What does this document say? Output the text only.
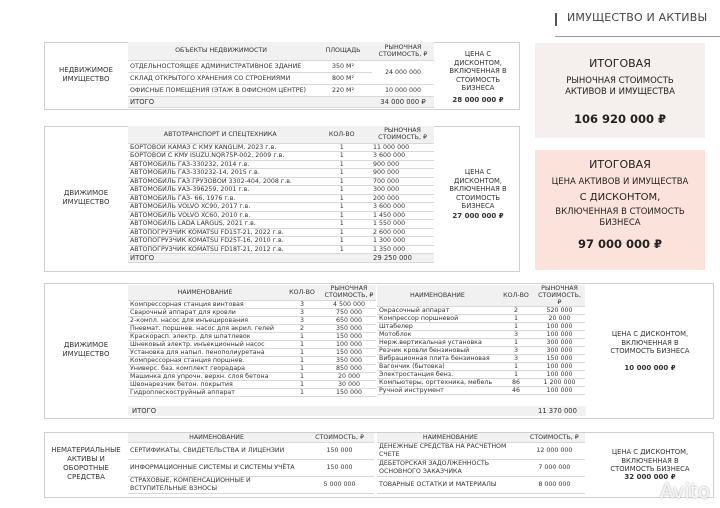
ИМУЩЕСТВО И АКТИВЫ
НЕДВИЖИМОЕ ИМУЩЕСТВО
ОБЪЕКТЫ НЕДВИЖИМОСТИ	ПЛОЩАДЬ	РЫНОЧНАЯ СТОИМОСТЬ, ₽
ОТДЕЛЬНОСТОЯЩЕЕ АДМИНИСТРАТИВНОЕ ЗДАНИЕ	350 М²	24 000 000
СКЛАД ОТКРЫТОГО ХРАНЕНИЯ СО СТРОЕНИЯМИ	800 М²	
ОФИСНЫЕ ПОМЕЩЕНИЯ (ЭТАЖ В ОФИСНОМ ЦЕНТРЕ)	220 М²	10 000 000
ИТОГО		34 000 000 ₽
ЦЕНА С ДИСКОНТОМ, ВКЛЮЧЕННАЯ В СТОИМОСТЬ БИЗНЕСА
28 000 000 ₽
ДВИЖИМОЕ ИМУЩЕСТВО
АВТОТРАНСПОРТ И СПЕЦТЕХНИКА	КОЛ-ВО	РЫНОЧНАЯ СТОИМОСТЬ, ₽
БОРТОВОЙ КАМАЗ С КМУ KANGLIM, 2023 г.в.	1	11 000 000
БОРТОВОЙ С КМУ ISUZU.NQR75P-002, 2009 г.в.	1	3 600 000
АВТОМОБИЛЬ ГАЗ-330232, 2014 г.в.	1	900 000
АВТОМОБИЛЬ ГАЗ-330232-14, 2015 г.в.	1	900 000
АВТОМОБИЛЬ ГАЗ ГРУЗОВОЙ 3302-404, 2008 г.в.	1	700 000
АВТОМОБИЛЬ УАЗ-396259, 2001 г.в.	1	300 000
АВТОМОБИЛЬ ГАЗ- 66, 1976 г.в.	1	200 000
АВТОМОБИЛЬ VOLVO XC90, 2017 г.в.	1	3 600 000
АВТОМОБИЛЬ VOLVO XC60, 2010 г.в.	1	1 450 000
АВТОМОБИЛЬ LADA LARGUS, 2021 г.в.	1	1 550 000
АВТОПОГРУЗЧИК KOMATSU FD15T-21, 2022 г.в.	1	2 600 000
АВТОПОГРУЗЧИК KOMATSU FD25T-16, 2010 г.в.	1	1 300 000
АВТОПОГРУЗЧИК KOMATSU FD18T-21, 2012 г.в.	1	1 350 000
ИТОГО		29 250 000
ЦЕНА С ДИСКОНТОМ, ВКЛЮЧЕННАЯ В СТОИМОСТЬ БИЗНЕСА
27 000 000 ₽
ДВИЖИМОЕ ИМУЩЕСТВО
НАИМЕНОВАНИЕ	КОЛ-ВО	РЫНОЧНАЯ СТОИМОСТЬ, ₽
Компрессорная станция винтовая	3	4 500 000
Сварочный аппарат для кровли	3	750 000
2-компл. насос для инъецирования	3	650 000
Пневмат. поршнев. насос для акрил. гелей	2	350 000
Краскорасп. электр. для шпатлевок	1	150 000
Шнековый электр. инъекционный насос	1	100 000
Установка для напыл. пенополиуретана	1	150 000
Компрессорная станция поршнев.	1	350 000
Универс. баз. комплект георадара	1	850 000
Машинка для упрочн. верхн. слоя бетона	1	20 000
Швонарезчик бетон. покрытия	1	30 000
Гидроплескоструйный аппарат	1	150 000
НАИМЕНОВАНИЕ	КОЛ-ВО	РЫНОЧНАЯ СТОИМОСТЬ, ₽
Окрасочный аппарат	2	520 000
Компрессор поршневой	1	20 000
Штабелер	1	100 000
Мотоблок	3	100 000
Нерж.вертикальная установка	1	300 000
Резчик кровли бензиновый	3	300 000
Вибрационная плита бензиновая	3	150 000
Вагончик (бытовка)	1	100 000
Электростанция бенз.	1	100 000
Компьютеры, оргтехника, мебель	86	1 200 000
Ручной инструмент	46	100 000
ИТОГО	11 370 000
ЦЕНА С ДИСКОНТОМ, ВКЛЮЧЕННАЯ В СТОИМОСТЬ БИЗНЕСА
10 000 000 ₽
НЕМАТЕРИАЛЬНЫЕ АКТИВЫ И ОБОРОТНЫЕ СРЕДСТВА
НАИМЕНОВАНИЕ	СТОИМОСТЬ, ₽
СЕРТИФИКАТЫ, СВИДЕТЕЛЬСТВА И ЛИЦЕНЗИИ	150 000
ИНФОРМАЦИОННЫЕ СИСТЕМЫ И СИСТЕМЫ УЧЁТА	150 000
СТРАХОВЫЕ, КОМПЕНСАЦИОННЫЕ И ВСТУПИТЕЛЬНЫЕ ВЗНОСЫ	5 000 000
НАИМЕНОВАНИЕ	СТОИМОСТЬ, ₽
ДЕНЕЖНЫЕ СРЕДСТВА НА РАСЧЕТНОМ СЧЕТЕ	12 000 000
ДЕБЕТОРСКАЯ ЗАДОЛЖЕННОСТЬ ОСНОВНОГО ЗАКАЗЧИКА	7 000 000
ТОВАРНЫЕ ОСТАТКИ И МАТЕРИАЛЫ	8 000 000
ЦЕНА С ДИСКОНТОМ, ВКЛЮЧЕННАЯ В СТОИМОСТЬ БИЗНЕСА
32 000 000 ₽
ИТОГОВАЯ
РЫНОЧНАЯ СТОИМОСТЬ АКТИВОВ И ИМУЩЕСТВА
106 920 000 ₽
ИТОГОВАЯ
ЦЕНА АКТИВОВ И ИМУЩЕСТВА
С ДИСКОНТОМ,
ВКЛЮЧЕННАЯ В СТОИМОСТЬ БИЗНЕСА
97 000 000 ₽
Avito
